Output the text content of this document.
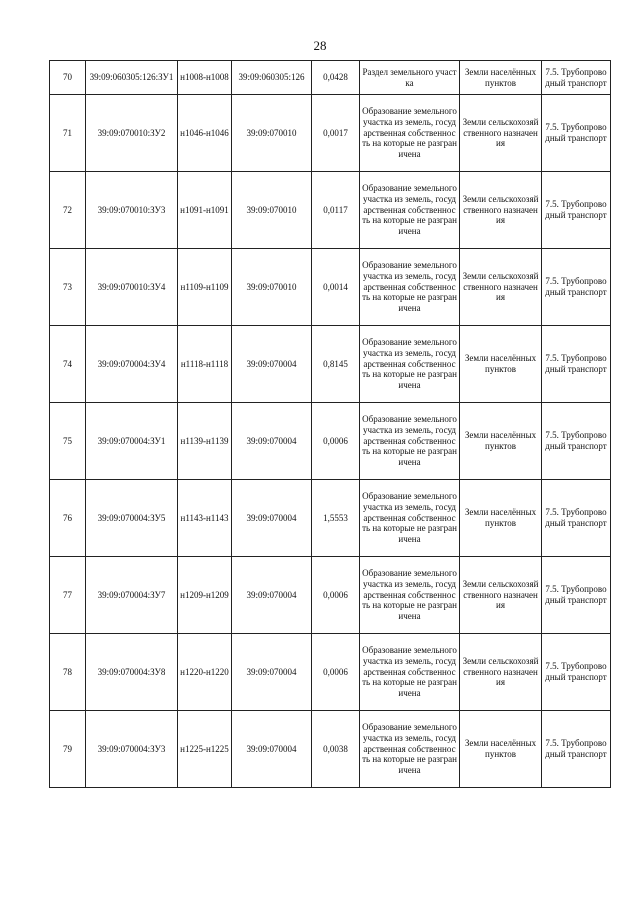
28
70	39:09:060305:126:ЗУ1	н1008-н1008	39:09:060305:126	0,0428	Раздел земельного участка	Земли населённых пунктов	7.5. Трубопроводный транспорт
71	39:09:070010:ЗУ2	н1046-н1046	39:09:070010	0,0017	Образование земельного участка из земель, государственная собственность на которые не разграничена	Земли сельскохозяйственного назначения	7.5. Трубопроводный транспорт
72	39:09:070010:ЗУ3	н1091-н1091	39:09:070010	0,0117	Образование земельного участка из земель, государственная собственность на которые не разграничена	Земли сельскохозяйственного назначения	7.5. Трубопроводный транспорт
73	39:09:070010:ЗУ4	н1109-н1109	39:09:070010	0,0014	Образование земельного участка из земель, государственная собственность на которые не разграничена	Земли сельскохозяйственного назначения	7.5. Трубопроводный транспорт
74	39:09:070004:ЗУ4	н1118-н1118	39:09:070004	0,8145	Образование земельного участка из земель, государственная собственность на которые не разграничена	Земли населённых пунктов	7.5. Трубопроводный транспорт
75	39:09:070004:ЗУ1	н1139-н1139	39:09:070004	0,0006	Образование земельного участка из земель, государственная собственность на которые не разграничена	Земли населённых пунктов	7.5. Трубопроводный транспорт
76	39:09:070004:ЗУ5	н1143-н1143	39:09:070004	1,5553	Образование земельного участка из земель, государственная собственность на которые не разграничена	Земли населённых пунктов	7.5. Трубопроводный транспорт
77	39:09:070004:ЗУ7	н1209-н1209	39:09:070004	0,0006	Образование земельного участка из земель, государственная собственность на которые не разграничена	Земли сельскохозяйственного назначения	7.5. Трубопроводный транспорт
78	39:09:070004:ЗУ8	н1220-н1220	39:09:070004	0,0006	Образование земельного участка из земель, государственная собственность на которые не разграничена	Земли сельскохозяйственного назначения	7.5. Трубопроводный транспорт
79	39:09:070004:ЗУ3	н1225-н1225	39:09:070004	0,0038	Образование земельного участка из земель, государственная собственность на которые не разграничена	Земли населённых пунктов	7.5. Трубопроводный транспорт
